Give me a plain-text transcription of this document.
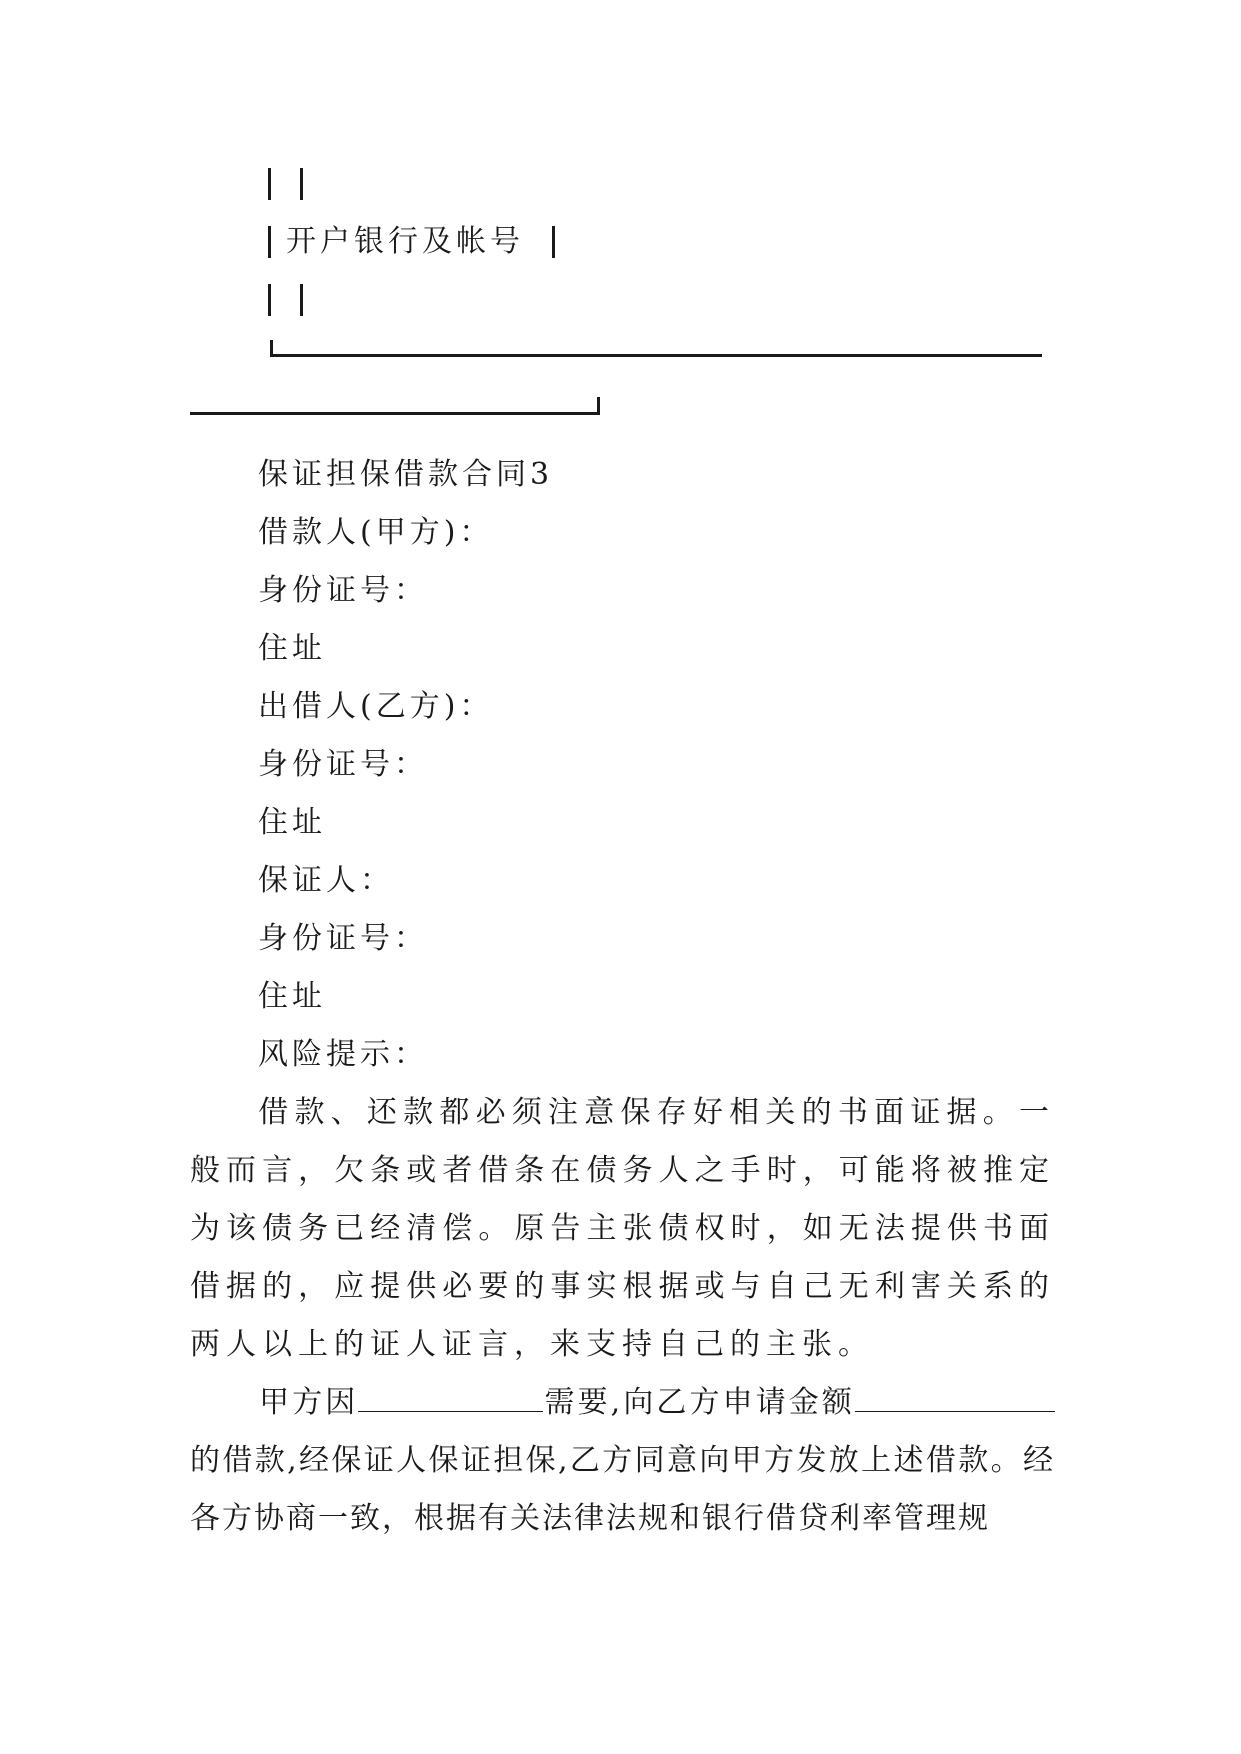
开户银行及帐号
保证担保借款合同3
借款人(甲方)：
身份证号：
住址
出借人(乙方)：
身份证号：
住址
保证人：
身份证号：
住址
风险提示：
借款、还款都必须注意保存好相关的书面证据。一般而言，欠条或者借条在债务人之手时，可能将被推定为该债务已经清偿。原告主张债权时，如无法提供书面借据的，应提供必要的事实根据或与自己无利害关系的两人以上的证人证言，来支持自己的主张。
甲方因	需要,向乙方申请金额的借款,经保证人保证担保,乙方同意向甲方发放上述借款。经各方协商一致，根据有关法律法规和银行借贷利率管理规
